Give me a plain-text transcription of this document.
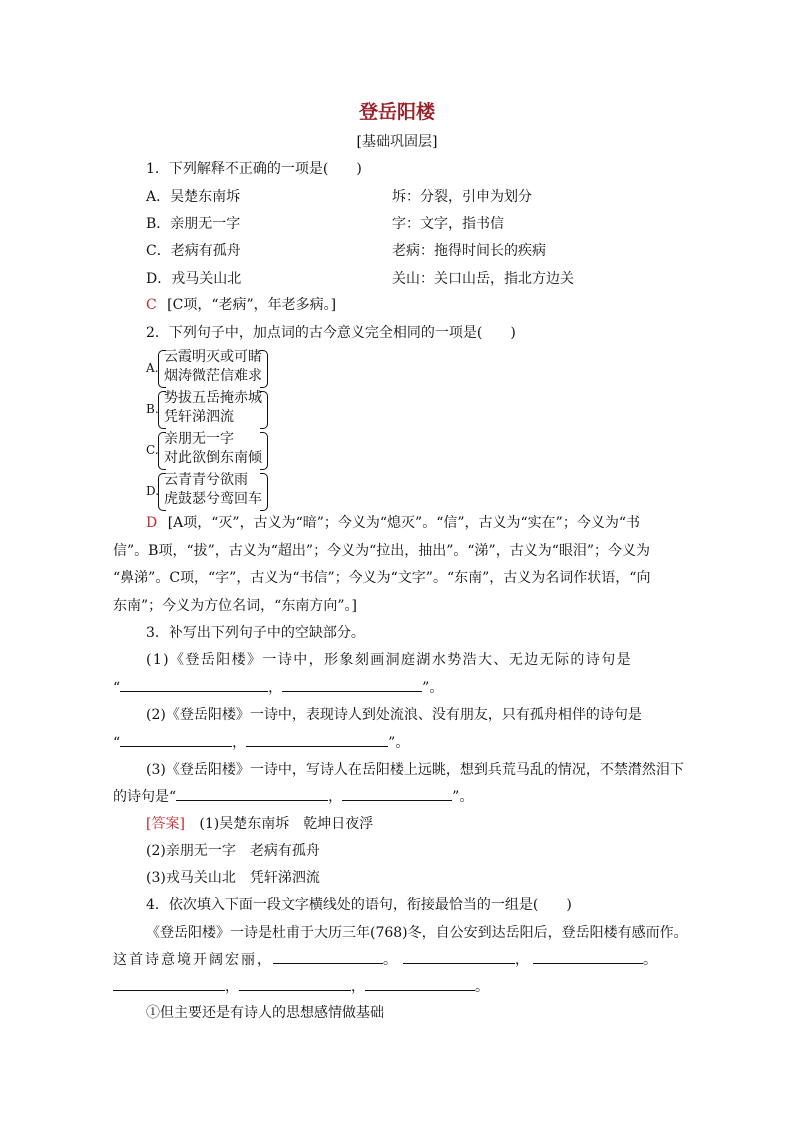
登岳阳楼
[基础巩固层]
1．下列解释不正确的一项是(　　)
A．吴楚东南坼	坼：分裂，引申为划分
B．亲朋无一字	字：文字，指书信
C．老病有孤舟	老病：拖得时间长的疾病
D．戎马关山北	关山：关口山岳，指北方边关
C [C项，“老病”，年老多病。]
2．下列句子中，加点词的古今意义完全相同的一项是(　　)
A.
云霞明灭或可睹
烟涛微茫信难求
B.
势拔五岳掩赤城
凭轩涕泗流
C.
亲朋无一字
对此欲倒东南倾
D.
云青青兮欲雨
虎鼓瑟兮鸾回车
D [A项，“灭”，古义为“暗”；今义为“熄灭”。“信”，古义为“实在”；今义为“书
信”。B项，“拔”，古义为“超出”；今义为“拉出，抽出”。“涕”，古义为“眼泪”；今义为
“鼻涕”。C项，“字”，古义为“书信”；今义为“文字”。“东南”，古义为名词作状语，“向
东南”；今义为方位名词，“东南方向”。]
3．补写出下列句子中的空缺部分。
(1)《登岳阳楼》一诗中，形象刻画洞庭湖水势浩大、无边无际的诗句是
“	，	”。
(2)《登岳阳楼》一诗中，表现诗人到处流浪、没有朋友，只有孤舟相伴的诗句是
“	，	”。
(3)《登岳阳楼》一诗中，写诗人在岳阳楼上远眺，想到兵荒马乱的情况，不禁潸然泪下
的诗句是“	，	”。
[答案] (1)吴楚东南坼　乾坤日夜浮
(2)亲朋无一字　老病有孤舟
(3)戎马关山北　凭轩涕泗流
4．依次填入下面一段文字横线处的语句，衔接最恰当的一组是(　　)
《登岳阳楼》一诗是杜甫于大历三年(768)冬，自公安到达岳阳后，登岳阳楼有感而作。
这首诗意境开阔宏丽，	。	，	。
，	，	。
①但主要还是有诗人的思想感情做基础
